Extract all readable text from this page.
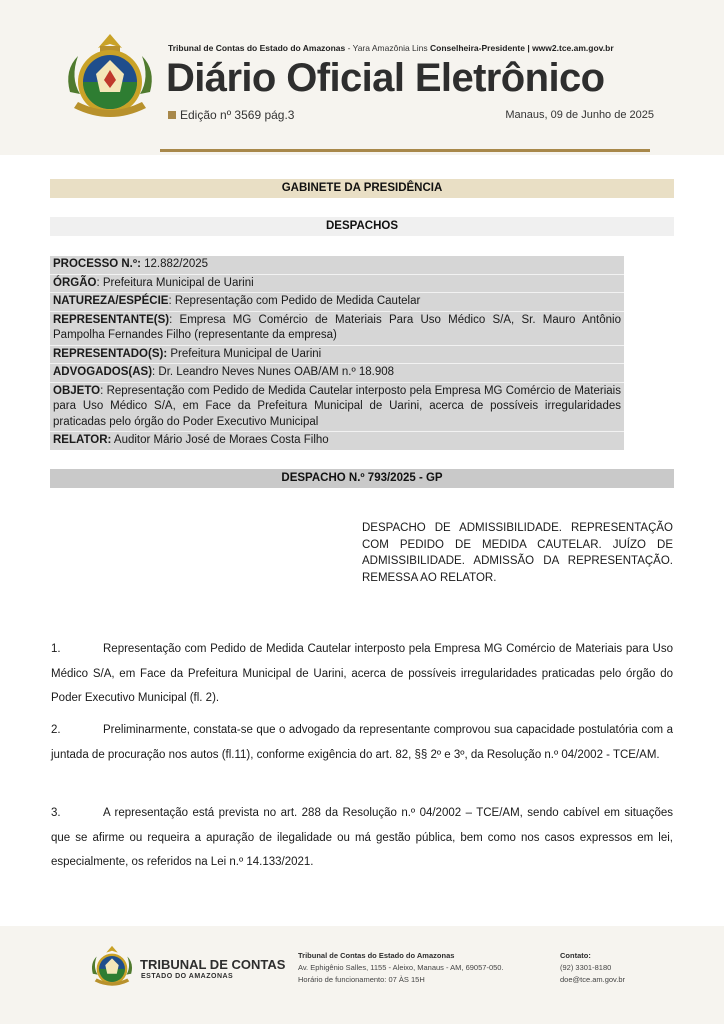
Tribunal de Contas do Estado do Amazonas - Yara Amazônia Lins Conselheira-Presidente | www2.tce.am.gov.br
Diário Oficial Eletrônico
Edição nº 3569 pág.3	Manaus, 09 de Junho de 2025
GABINETE DA PRESIDÊNCIA
DESPACHOS
PROCESSO N.º: 12.882/2025
ÓRGÃO: Prefeitura Municipal de Uarini
NATUREZA/ESPÉCIE: Representação com Pedido de Medida Cautelar
REPRESENTANTE(S): Empresa MG Comércio de Materiais Para Uso Médico S/A, Sr. Mauro Antônio Pampolha Fernandes Filho (representante da empresa)
REPRESENTADO(S): Prefeitura Municipal de Uarini
ADVOGADOS(AS): Dr. Leandro Neves Nunes OAB/AM n.º 18.908
OBJETO: Representação com Pedido de Medida Cautelar interposto pela Empresa MG Comércio de Materiais para Uso Médico S/A, em Face da Prefeitura Municipal de Uarini, acerca de possíveis irregularidades praticadas pelo órgão do Poder Executivo Municipal
RELATOR: Auditor Mário José de Moraes Costa Filho
DESPACHO N.º 793/2025 - GP
DESPACHO DE ADMISSIBILIDADE. REPRESENTAÇÃO COM PEDIDO DE MEDIDA CAUTELAR. JUÍZO DE ADMISSIBILIDADE. ADMISSÃO DA REPRESENTAÇÃO. REMESSA AO RELATOR.
1.	Representação com Pedido de Medida Cautelar interposto pela Empresa MG Comércio de Materiais para Uso Médico S/A, em Face da Prefeitura Municipal de Uarini, acerca de possíveis irregularidades praticadas pelo órgão do Poder Executivo Municipal (fl. 2).
2.	Preliminarmente, constata-se que o advogado da representante comprovou sua capacidade postulatória com a juntada de procuração nos autos (fl.11), conforme exigência do art. 82, §§ 2º e 3º, da Resolução n.º 04/2002 - TCE/AM.
3.	A representação está prevista no art. 288 da Resolução n.º 04/2002 – TCE/AM, sendo cabível em situações que se afirme ou requeira a apuração de ilegalidade ou má gestão pública, bem como nos casos expressos em lei, especialmente, os referidos na Lei n.º 14.133/2021.
TRIBUNAL DE CONTAS
ESTADO DO AMAZONAS
Tribunal de Contas do Estado do Amazonas
Av. Ephigênio Salles, 1155 - Aleixo, Manaus - AM, 69057-050.
Horário de funcionamento: 07 ÀS 15H
Contato:
(92) 3301-8180
doe@tce.am.gov.br
